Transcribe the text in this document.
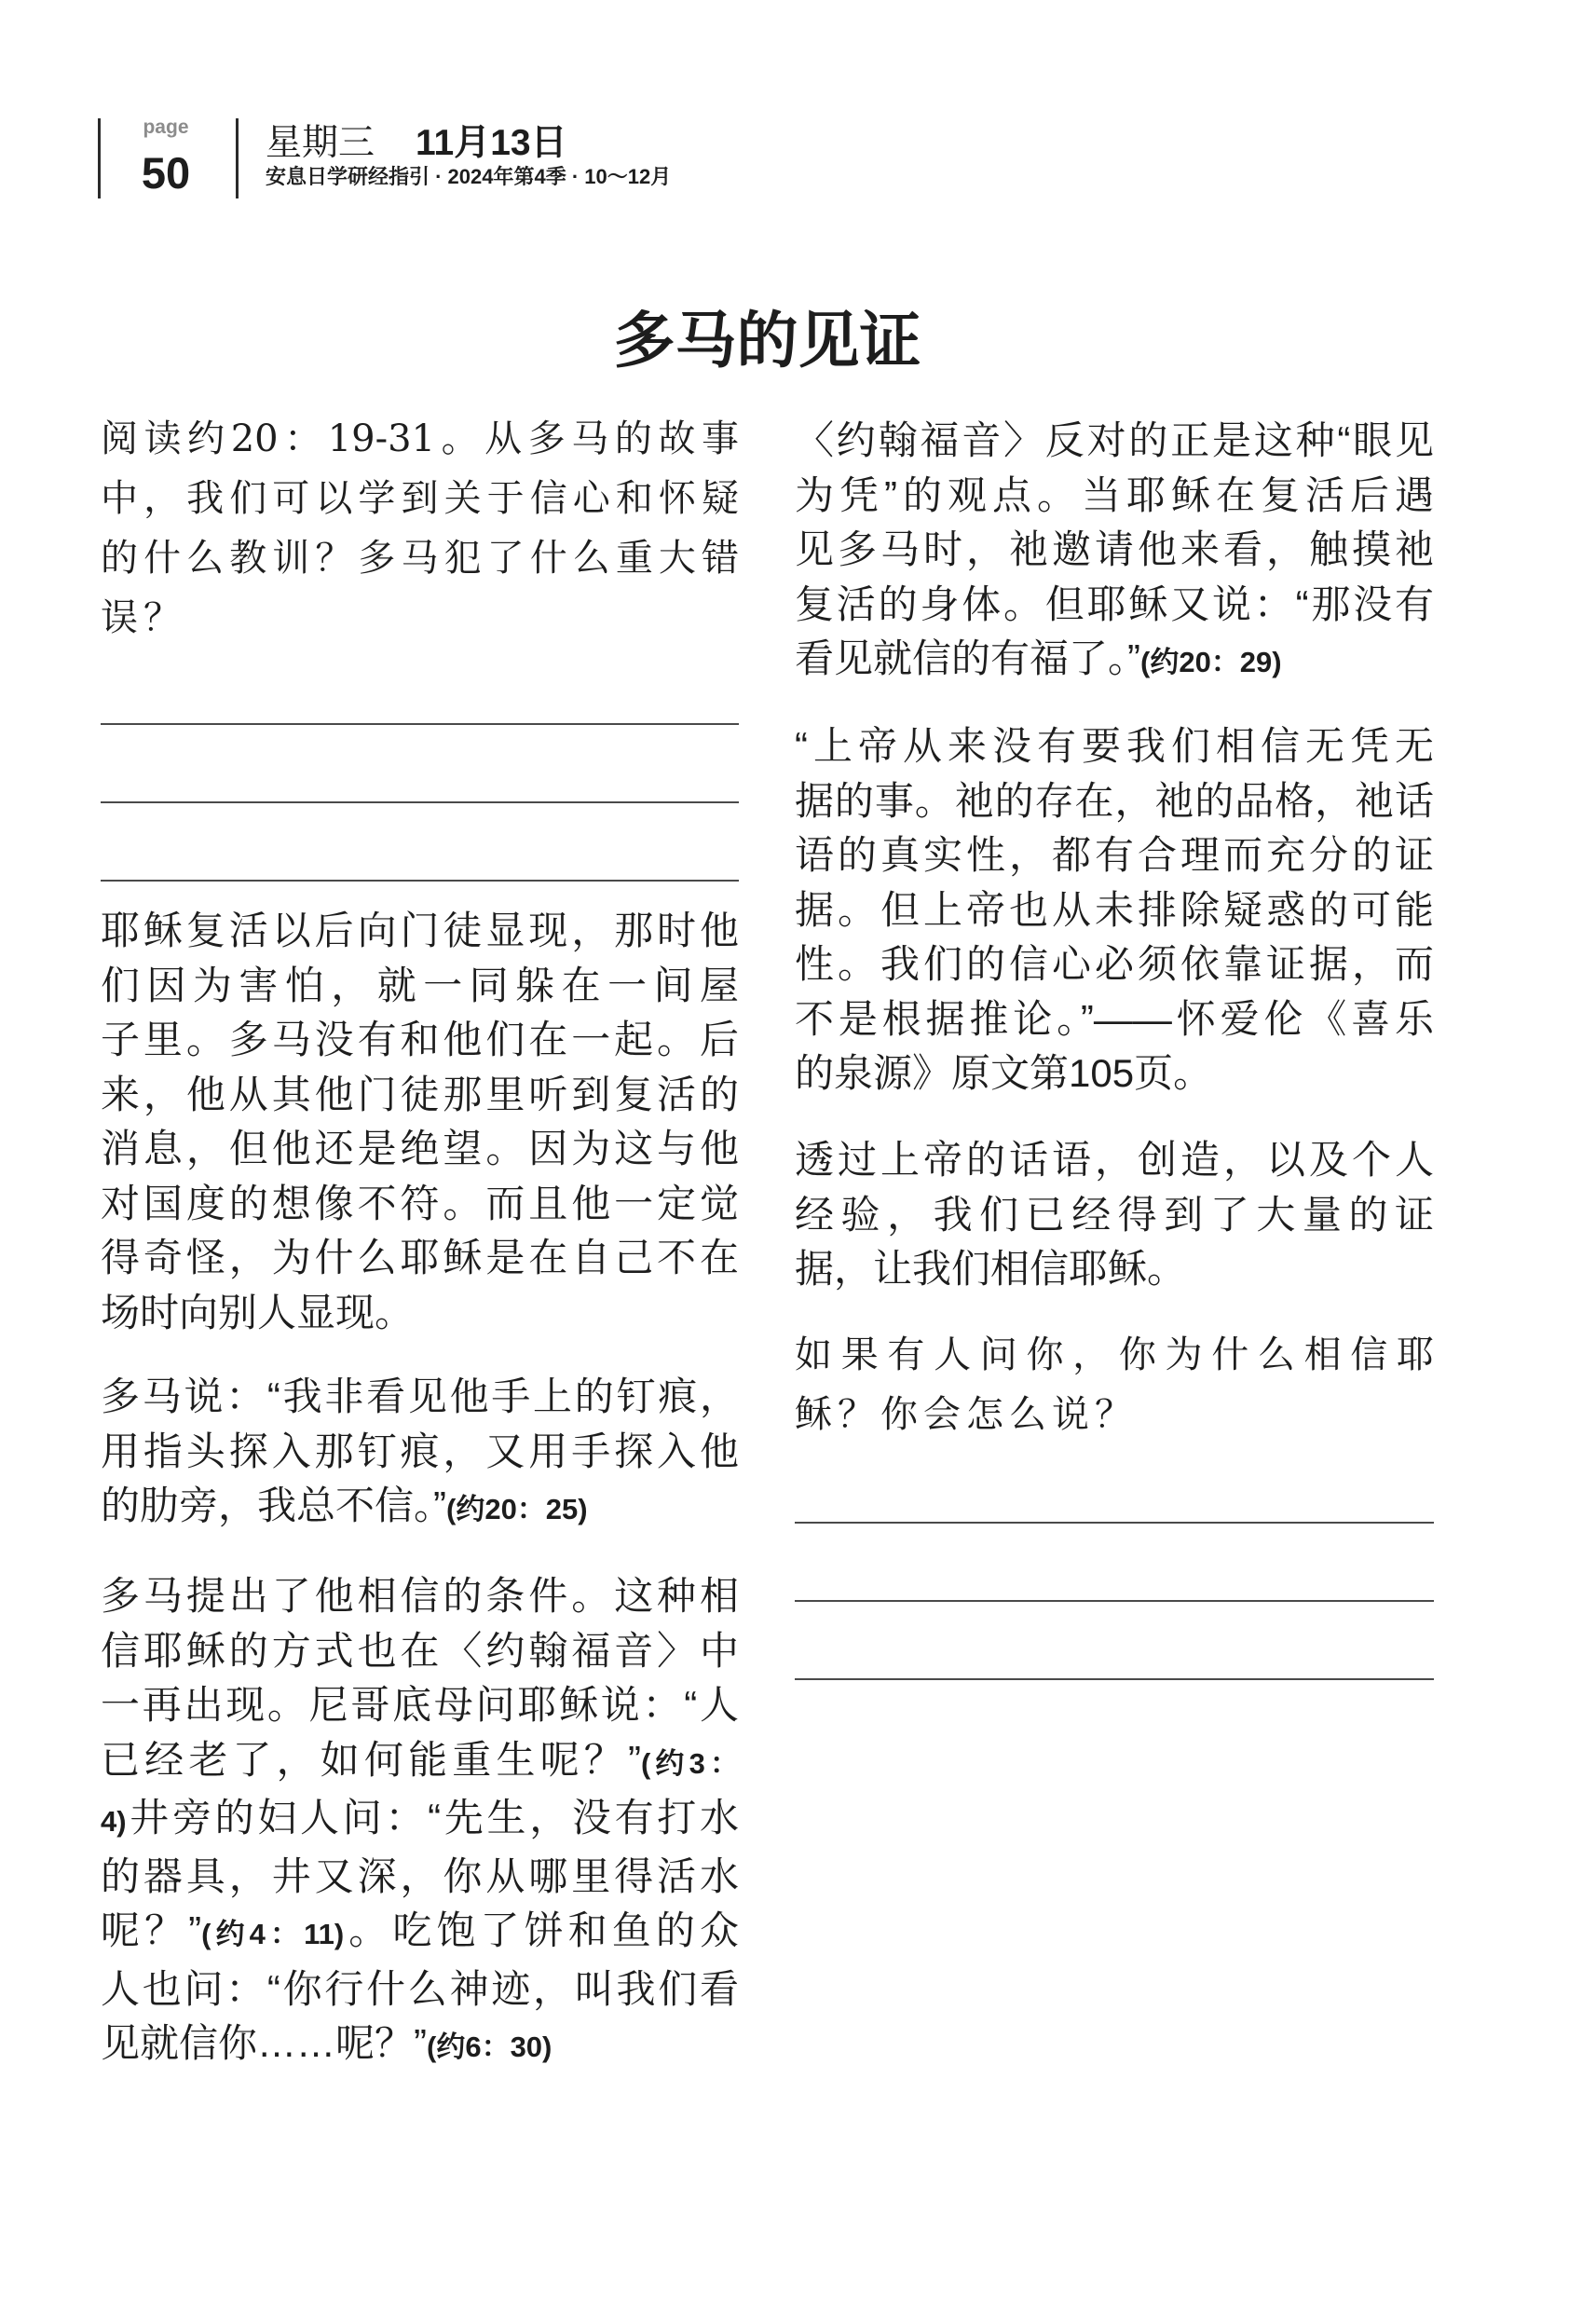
page
50
星期三 11月13日
安息日学研经指引 · 2024年第4季 · 10～12月
多马的见证
阅读约20：19-31。从多马的故事
中，我们可以学到关于信心和怀疑
的什么教训？多马犯了什么重大错
误？
耶稣复活以后向门徒显现，那时他
们因为害怕，就一同躲在一间屋
子里。多马没有和他们在一起。后
来，他从其他门徒那里听到复活的
消息，但他还是绝望。因为这与他
对国度的想像不符。而且他一定觉
得奇怪，为什么耶稣是在自己不在
场时向别人显现。
多马说：“我非看见他手上的钉痕，
用指头探入那钉痕，又用手探入他
的肋旁，我总不信。”(约20：25)
多马提出了他相信的条件。这种相
信耶稣的方式也在〈约翰福音〉中
一再出现。尼哥底母问耶稣说：“人
已经老了，如何能重生呢？”(约3：
4)井旁的妇人问：“先生，没有打水
的器具，井又深，你从哪里得活水
呢？”(约4：11)。吃饱了饼和鱼的众
人也问：“你行什么神迹，叫我们看
见就信你……呢？”(约6：30)
〈约翰福音〉反对的正是这种“眼见
为凭”的观点。当耶稣在复活后遇
见多马时，祂邀请他来看，触摸祂
复活的身体。但耶稣又说：“那没有
看见就信的有福了。”(约20：29)
“上帝从来没有要我们相信无凭无
据的事。祂的存在，祂的品格，祂话
语的真实性，都有合理而充分的证
据。但上帝也从未排除疑惑的可能
性。我们的信心必须依靠证据，而
不是根据推论。”——怀爱伦《喜乐
的泉源》原文第105页。
透过上帝的话语，创造，以及个人
经验，我们已经得到了大量的证
据，让我们相信耶稣。
如果有人问你，你为什么相信耶
稣？你会怎么说？
